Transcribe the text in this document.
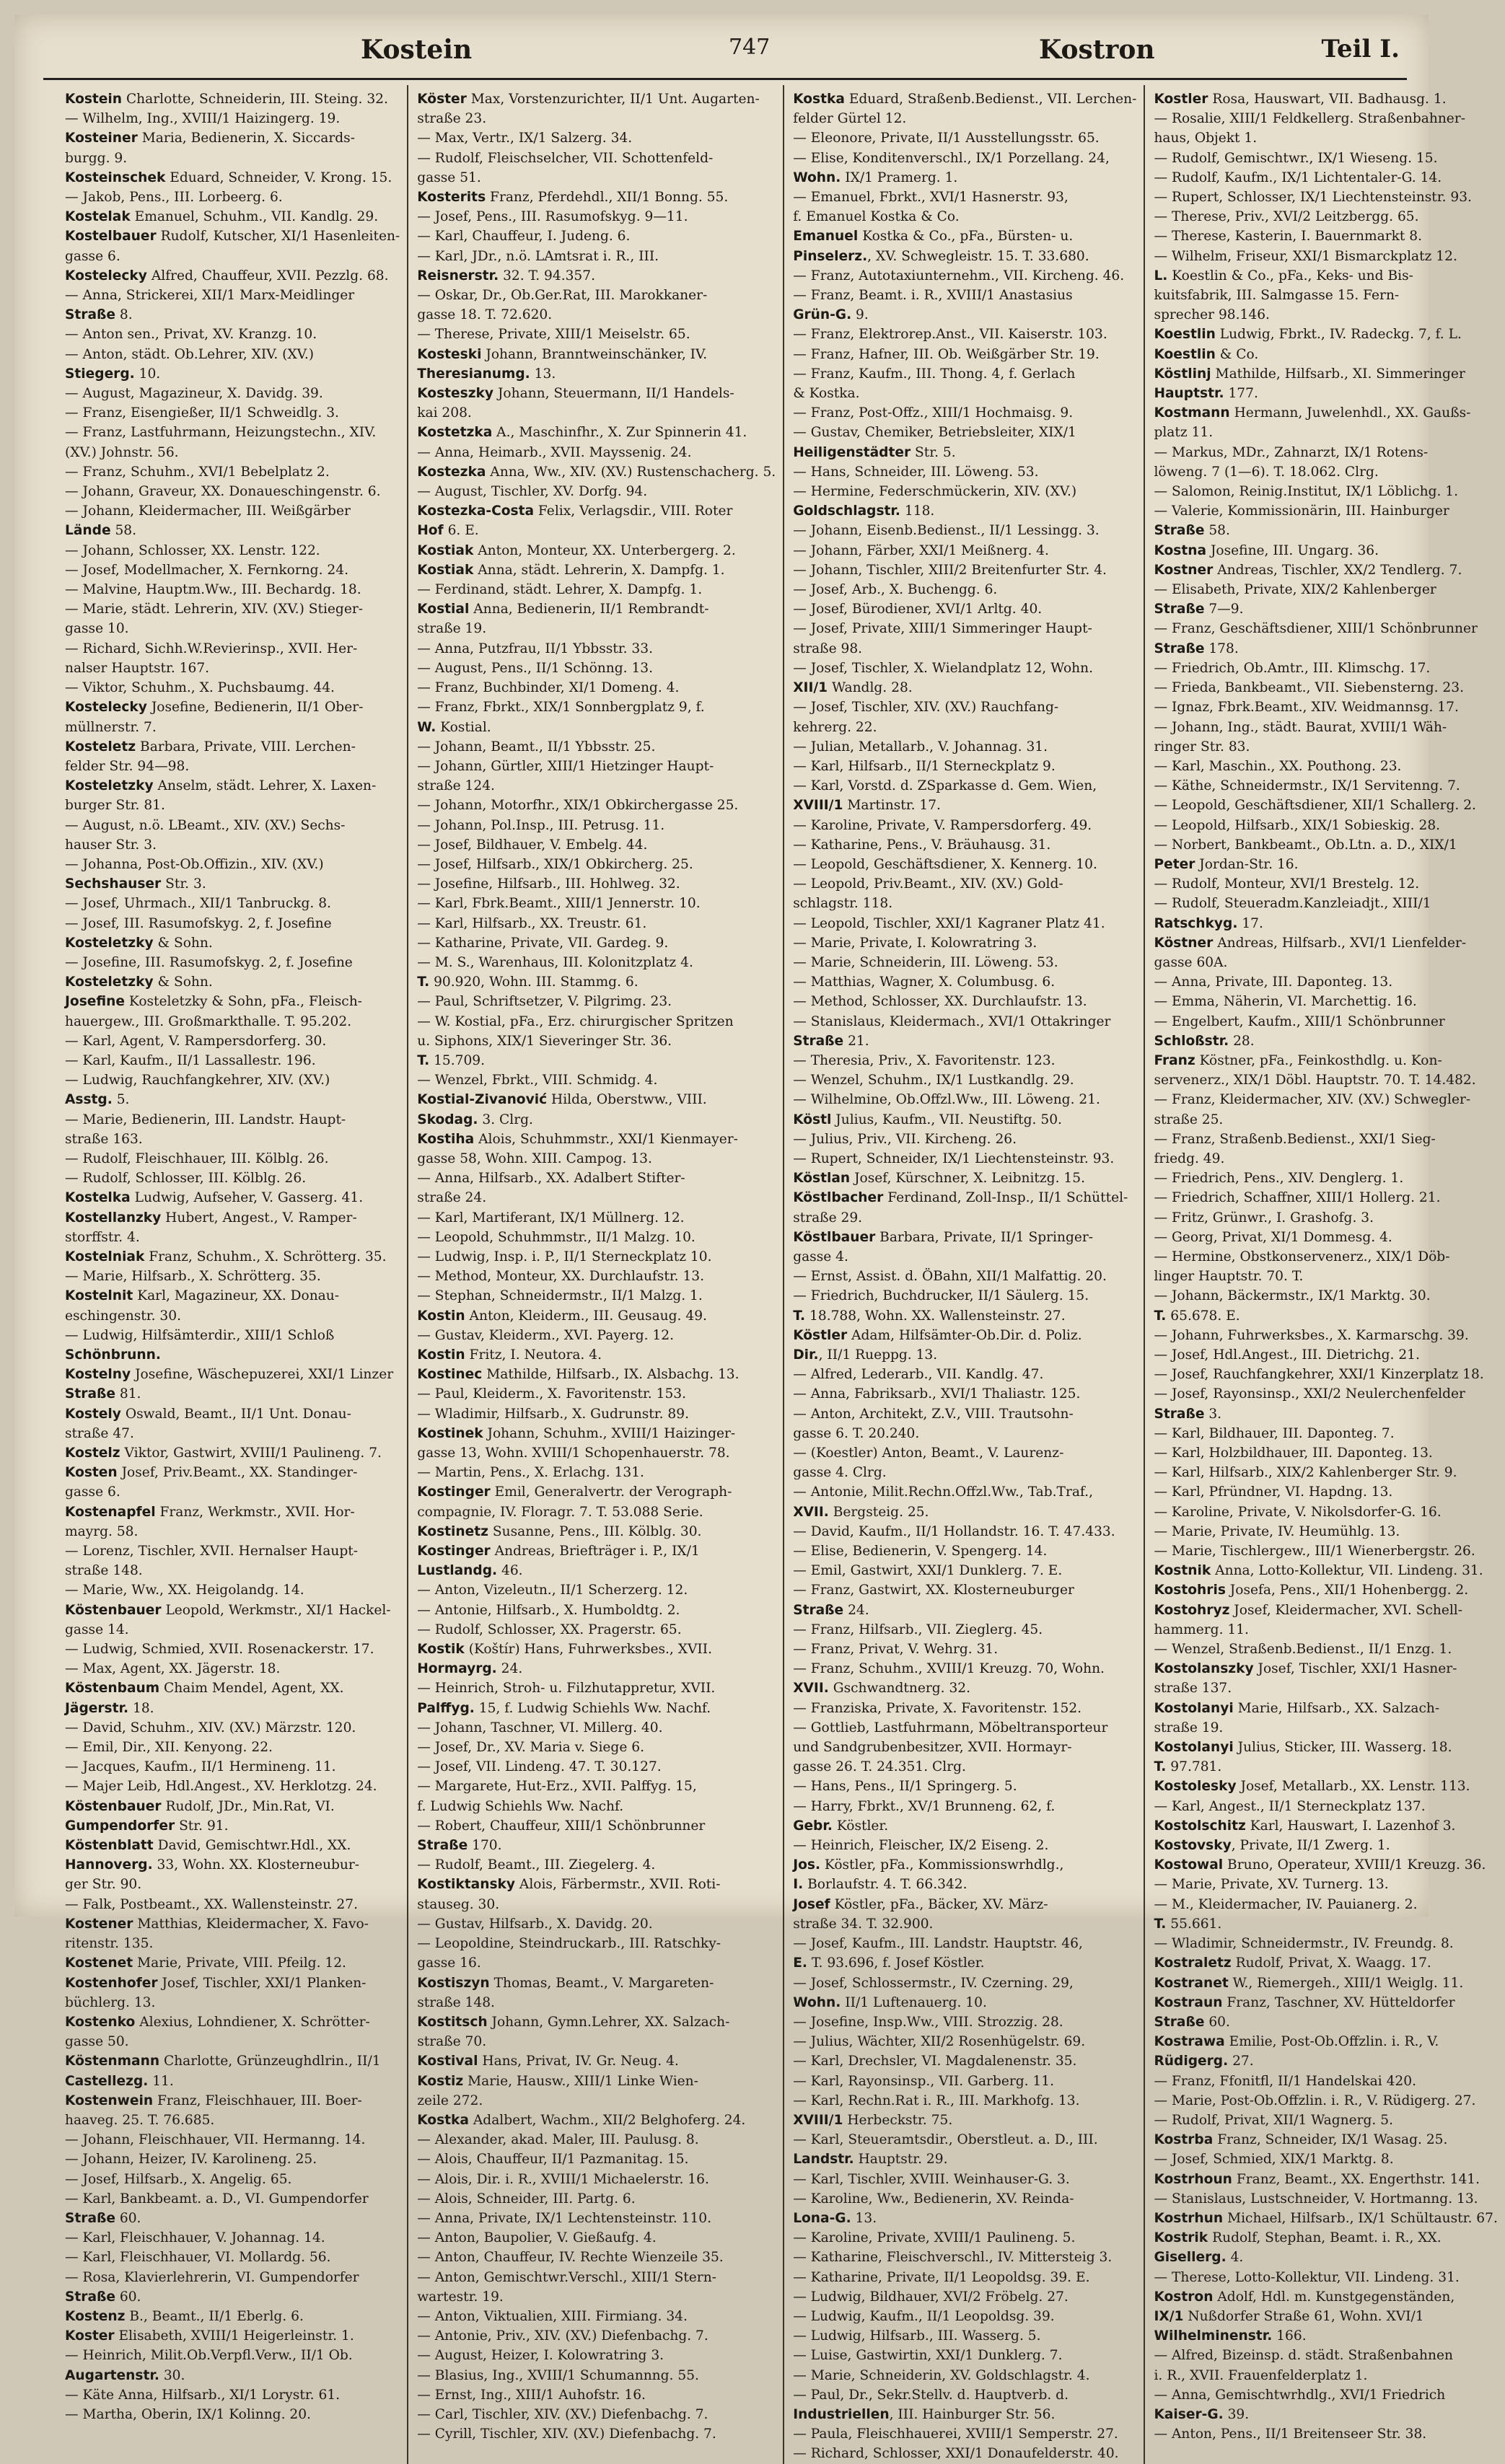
Kostein	747	Kostron	Teil I.
Kostein Charlotte, Schneiderin, III. Steing. 32.
— Wilhelm, Ing., XVIII/1 Haizingerg. 19.
Kosteiner Maria, Bedienerin, X. Siccards-
burgg. 9.
Kosteinschek Eduard, Schneider, V. Krong. 15.
— Jakob, Pens., III. Lorbeerg. 6.
Kostelak Emanuel, Schuhm., VII. Kandlg. 29.
Kostelbauer Rudolf, Kutscher, XI/1 Hasenleiten-
gasse 6.
Kostelecky Alfred, Chauffeur, XVII. Pezzlg. 68.
— Anna, Strickerei, XII/1 Marx-Meidlinger
Straße 8.
— Anton sen., Privat, XV. Kranzg. 10.
— Anton, städt. Ob.Lehrer, XIV. (XV.)
Stiegerg. 10.
— August, Magazineur, X. Davidg. 39.
— Franz, Eisengießer, II/1 Schweidlg. 3.
— Franz, Lastfuhrmann, Heizungstechn., XIV.
(XV.) Johnstr. 56.
— Franz, Schuhm., XVI/1 Bebelplatz 2.
— Johann, Graveur, XX. Donaueschingenstr. 6.
— Johann, Kleidermacher, III. Weißgärber
Lände 58.
— Johann, Schlosser, XX. Lenstr. 122.
— Josef, Modellmacher, X. Fernkorng. 24.
— Malvine, Hauptm.Ww., III. Bechardg. 18.
— Marie, städt. Lehrerin, XIV. (XV.) Stieger-
gasse 10.
— Richard, Sichh.W.Revierinsp., XVII. Her-
nalser Hauptstr. 167.
— Viktor, Schuhm., X. Puchsbaumg. 44.
Kostelecky Josefine, Bedienerin, II/1 Ober-
müllnerstr. 7.
Kosteletz Barbara, Private, VIII. Lerchen-
felder Str. 94—98.
Kosteletzky Anselm, städt. Lehrer, X. Laxen-
burger Str. 81.
— August, n.ö. LBeamt., XIV. (XV.) Sechs-
hauser Str. 3.
— Johanna, Post-Ob.Offizin., XIV. (XV.)
Sechshauser Str. 3.
— Josef, Uhrmach., XII/1 Tanbruckg. 8.
— Josef, III. Rasumofskyg. 2, f. Josefine
Kosteletzky & Sohn.
— Josefine, III. Rasumofskyg. 2, f. Josefine
Kosteletzky & Sohn.
Josefine Kosteletzky & Sohn, pFa., Fleisch-
hauergew., III. Großmarkthalle. T. 95.202.
— Karl, Agent, V. Rampersdorferg. 30.
— Karl, Kaufm., II/1 Lassallestr. 196.
— Ludwig, Rauchfangkehrer, XIV. (XV.)
Asstg. 5.
— Marie, Bedienerin, III. Landstr. Haupt-
straße 163.
— Rudolf, Fleischhauer, III. Kölblg. 26.
— Rudolf, Schlosser, III. Kölblg. 26.
Kostelka Ludwig, Aufseher, V. Gasserg. 41.
Kostellanzky Hubert, Angest., V. Ramper-
storffstr. 4.
Kostelniak Franz, Schuhm., X. Schrötterg. 35.
— Marie, Hilfsarb., X. Schrötterg. 35.
Kostelnit Karl, Magazineur, XX. Donau-
eschingenstr. 30.
— Ludwig, Hilfsämterdir., XIII/1 Schloß
Schönbrunn.
Kostelny Josefine, Wäschepuzerei, XXI/1 Linzer
Straße 81.
Kostely Oswald, Beamt., II/1 Unt. Donau-
straße 47.
Kostelz Viktor, Gastwirt, XVIII/1 Paulineng. 7.
Kosten Josef, Priv.Beamt., XX. Standinger-
gasse 6.
Kostenapfel Franz, Werkmstr., XVII. Hor-
mayrg. 58.
— Lorenz, Tischler, XVII. Hernalser Haupt-
straße 148.
— Marie, Ww., XX. Heigolandg. 14.
Köstenbauer Leopold, Werkmstr., XI/1 Hackel-
gasse 14.
— Ludwig, Schmied, XVII. Rosenackerstr. 17.
— Max, Agent, XX. Jägerstr. 18.
Köstenbaum Chaim Mendel, Agent, XX.
Jägerstr. 18.
— David, Schuhm., XIV. (XV.) Märzstr. 120.
— Emil, Dir., XII. Kenyong. 22.
— Jacques, Kaufm., II/1 Hermineng. 11.
— Majer Leib, Hdl.Angest., XV. Herklotzg. 24.
Köstenbauer Rudolf, JDr., Min.Rat, VI.
Gumpendorfer Str. 91.
Köstenblatt David, Gemischtwr.Hdl., XX.
Hannoverg. 33, Wohn. XX. Klosterneubur-
ger Str. 90.
— Falk, Postbeamt., XX. Wallensteinstr. 27.
Kostener Matthias, Kleidermacher, X. Favo-
ritenstr. 135.
Kostenet Marie, Private, VIII. Pfeilg. 12.
Kostenhofer Josef, Tischler, XXI/1 Planken-
büchlerg. 13.
Kostenko Alexius, Lohndiener, X. Schrötter-
gasse 50.
Köstenmann Charlotte, Grünzeughdlrin., II/1
Castellezg. 11.
Kostenwein Franz, Fleischhauer, III. Boer-
haaveg. 25. T. 76.685.
— Johann, Fleischhauer, VII. Hermanng. 14.
— Johann, Heizer, IV. Karolineng. 25.
— Josef, Hilfsarb., X. Angelig. 65.
— Karl, Bankbeamt. a. D., VI. Gumpendorfer
Straße 60.
— Karl, Fleischhauer, V. Johannag. 14.
— Karl, Fleischhauer, VI. Mollardg. 56.
— Rosa, Klavierlehrerin, VI. Gumpendorfer
Straße 60.
Kostenz B., Beamt., II/1 Eberlg. 6.
Koster Elisabeth, XVIII/1 Heigerleinstr. 1.
— Heinrich, Milit.Ob.Verpfl.Verw., II/1 Ob.
Augartenstr. 30.
— Käte Anna, Hilfsarb., XI/1 Lorystr. 61.
— Martha, Oberin, IX/1 Kolinng. 20.
Köster Max, Vorstenzurichter, II/1 Unt. Augarten-
straße 23.
— Max, Vertr., IX/1 Salzerg. 34.
— Rudolf, Fleischselcher, VII. Schottenfeld-
gasse 51.
Kosterits Franz, Pferdehdl., XII/1 Bonng. 55.
— Josef, Pens., III. Rasumofskyg. 9—11.
— Karl, Chauffeur, I. Judeng. 6.
— Karl, JDr., n.ö. LAmtsrat i. R., III.
Reisnerstr. 32. T. 94.357.
— Oskar, Dr., Ob.Ger.Rat, III. Marokkaner-
gasse 18. T. 72.620.
— Therese, Private, XIII/1 Meiselstr. 65.
Kosteski Johann, Branntweinschänker, IV.
Theresianumg. 13.
Kosteszky Johann, Steuermann, II/1 Handels-
kai 208.
Kostetzka A., Maschinfhr., X. Zur Spinnerin 41.
— Anna, Heimarb., XVII. Mayssenig. 24.
Kostezka Anna, Ww., XIV. (XV.) Rustenschacherg. 5.
— August, Tischler, XV. Dorfg. 94.
Kostezka-Costa Felix, Verlagsdir., VIII. Roter
Hof 6. E.
Kostiak Anton, Monteur, XX. Unterbergerg. 2.
Kostiak Anna, städt. Lehrerin, X. Dampfg. 1.
— Ferdinand, städt. Lehrer, X. Dampfg. 1.
Kostial Anna, Bedienerin, II/1 Rembrandt-
straße 19.
— Anna, Putzfrau, II/1 Ybbsstr. 33.
— August, Pens., II/1 Schönng. 13.
— Franz, Buchbinder, XI/1 Domeng. 4.
— Franz, Fbrkt., XIX/1 Sonnbergplatz 9, f.
W. Kostial.
— Johann, Beamt., II/1 Ybbsstr. 25.
— Johann, Gürtler, XIII/1 Hietzinger Haupt-
straße 124.
— Johann, Motorfhr., XIX/1 Obkirchergasse 25.
— Johann, Pol.Insp., III. Petrusg. 11.
— Josef, Bildhauer, V. Embelg. 44.
— Josef, Hilfsarb., XIX/1 Obkircherg. 25.
— Josefine, Hilfsarb., III. Hohlweg. 32.
— Karl, Fbrk.Beamt., XIII/1 Jennerstr. 10.
— Karl, Hilfsarb., XX. Treustr. 61.
— Katharine, Private, VII. Gardeg. 9.
— M. S., Warenhaus, III. Kolonitzplatz 4.
T. 90.920, Wohn. III. Stammg. 6.
— Paul, Schriftsetzer, V. Pilgrimg. 23.
— W. Kostial, pFa., Erz. chirurgischer Spritzen
u. Siphons, XIX/1 Sieveringer Str. 36.
T. 15.709.
— Wenzel, Fbrkt., VIII. Schmidg. 4.
Kostial-Zivanović Hilda, Oberstww., VIII.
Skodag. 3. Clrg.
Kostiha Alois, Schuhmmstr., XXI/1 Kienmayer-
gasse 58, Wohn. XIII. Campog. 13.
— Anna, Hilfsarb., XX. Adalbert Stifter-
straße 24.
— Karl, Martiferant, IX/1 Müllnerg. 12.
— Leopold, Schuhmmstr., II/1 Malzg. 10.
— Ludwig, Insp. i. P., II/1 Sterneckplatz 10.
— Method, Monteur, XX. Durchlaufstr. 13.
— Stephan, Schneidermstr., II/1 Malzg. 1.
Kostin Anton, Kleiderm., III. Geusaug. 49.
— Gustav, Kleiderm., XVI. Payerg. 12.
Kostin Fritz, I. Neutora. 4.
Kostinec Mathilde, Hilfsarb., IX. Alsbachg. 13.
— Paul, Kleiderm., X. Favoritenstr. 153.
— Wladimir, Hilfsarb., X. Gudrunstr. 89.
Kostinek Johann, Schuhm., XVIII/1 Haizinger-
gasse 13, Wohn. XVIII/1 Schopenhauerstr. 78.
— Martin, Pens., X. Erlachg. 131.
Kostinger Emil, Generalvertr. der Verograph-
compagnie, IV. Floragr. 7. T. 53.088 Serie.
Kostinetz Susanne, Pens., III. Kölblg. 30.
Kostinger Andreas, Briefträger i. P., IX/1
Lustlandg. 46.
— Anton, Vizeleutn., II/1 Scherzerg. 12.
— Antonie, Hilfsarb., X. Humboldtg. 2.
— Rudolf, Schlosser, XX. Pragerstr. 65.
Kostik (Koštír) Hans, Fuhrwerksbes., XVII.
Hormayrg. 24.
— Heinrich, Stroh- u. Filzhutappretur, XVII.
Palffyg. 15, f. Ludwig Schiehls Ww. Nachf.
— Johann, Taschner, VI. Millerg. 40.
— Josef, Dr., XV. Maria v. Siege 6.
— Josef, VII. Lindeng. 47. T. 30.127.
— Margarete, Hut-Erz., XVII. Palffyg. 15,
f. Ludwig Schiehls Ww. Nachf.
— Robert, Chauffeur, XIII/1 Schönbrunner
Straße 170.
— Rudolf, Beamt., III. Ziegelerg. 4.
Kostiktansky Alois, Färbermstr., XVII. Roti-
stauseg. 30.
— Gustav, Hilfsarb., X. Davidg. 20.
— Leopoldine, Steindruckarb., III. Ratschky-
gasse 16.
Kostiszyn Thomas, Beamt., V. Margareten-
straße 148.
Kostitsch Johann, Gymn.Lehrer, XX. Salzach-
straße 70.
Kostival Hans, Privat, IV. Gr. Neug. 4.
Kostiz Marie, Hausw., XIII/1 Linke Wien-
zeile 272.
Kostka Adalbert, Wachm., XII/2 Belghoferg. 24.
— Alexander, akad. Maler, III. Paulusg. 8.
— Alois, Chauffeur, II/1 Pazmanitag. 15.
— Alois, Dir. i. R., XVIII/1 Michaelerstr. 16.
— Alois, Schneider, III. Partg. 6.
— Anna, Private, IX/1 Lechtensteinstr. 110.
— Anton, Baupolier, V. Gießaufg. 4.
— Anton, Chauffeur, IV. Rechte Wienzeile 35.
— Anton, Gemischtwr.Verschl., XIII/1 Stern-
wartestr. 19.
— Anton, Viktualien, XIII. Firmiang. 34.
— Antonie, Priv., XIV. (XV.) Diefenbachg. 7.
— August, Heizer, I. Kolowratring 3.
— Blasius, Ing., XVIII/1 Schumannng. 55.
— Ernst, Ing., XIII/1 Auhofstr. 16.
— Carl, Tischler, XIV. (XV.) Diefenbachg. 7.
— Cyrill, Tischler, XIV. (XV.) Diefenbachg. 7.
Kostka Eduard, Straßenb.Bedienst., VII. Lerchen-
felder Gürtel 12.
— Eleonore, Private, II/1 Ausstellungsstr. 65.
— Elise, Konditenverschl., IX/1 Porzellang. 24,
Wohn. IX/1 Pramerg. 1.
— Emanuel, Fbrkt., XVI/1 Hasnerstr. 93,
f. Emanuel Kostka & Co.
Emanuel Kostka & Co., pFa., Bürsten- u.
Pinselerz., XV. Schwegleistr. 15. T. 33.680.
— Franz, Autotaxiunternehm., VII. Kircheng. 46.
— Franz, Beamt. i. R., XVIII/1 Anastasius
Grün-G. 9.
— Franz, Elektrorep.Anst., VII. Kaiserstr. 103.
— Franz, Hafner, III. Ob. Weißgärber Str. 19.
— Franz, Kaufm., III. Thong. 4, f. Gerlach
& Kostka.
— Franz, Post-Offz., XIII/1 Hochmaisg. 9.
— Gustav, Chemiker, Betriebsleiter, XIX/1
Heiligenstädter Str. 5.
— Hans, Schneider, III. Löweng. 53.
— Hermine, Federschmückerin, XIV. (XV.)
Goldschlagstr. 118.
— Johann, Eisenb.Bedienst., II/1 Lessingg. 3.
— Johann, Färber, XXI/1 Meißnerg. 4.
— Johann, Tischler, XIII/2 Breitenfurter Str. 4.
— Josef, Arb., X. Buchengg. 6.
— Josef, Bürodiener, XVI/1 Arltg. 40.
— Josef, Private, XIII/1 Simmeringer Haupt-
straße 98.
— Josef, Tischler, X. Wielandplatz 12, Wohn.
XII/1 Wandlg. 28.
— Josef, Tischler, XIV. (XV.) Rauchfang-
kehrerg. 22.
— Julian, Metallarb., V. Johannag. 31.
— Karl, Hilfsarb., II/1 Sterneckplatz 9.
— Karl, Vorstd. d. ZSparkasse d. Gem. Wien,
XVIII/1 Martinstr. 17.
— Karoline, Private, V. Rampersdorferg. 49.
— Katharine, Pens., V. Bräuhausg. 31.
— Leopold, Geschäftsdiener, X. Kennerg. 10.
— Leopold, Priv.Beamt., XIV. (XV.) Gold-
schlagstr. 118.
— Leopold, Tischler, XXI/1 Kagraner Platz 41.
— Marie, Private, I. Kolowratring 3.
— Marie, Schneiderin, III. Löweng. 53.
— Matthias, Wagner, X. Columbusg. 6.
— Method, Schlosser, XX. Durchlaufstr. 13.
— Stanislaus, Kleidermach., XVI/1 Ottakringer
Straße 21.
— Theresia, Priv., X. Favoritenstr. 123.
— Wenzel, Schuhm., IX/1 Lustkandlg. 29.
— Wilhelmine, Ob.Offzl.Ww., III. Löweng. 21.
Köstl Julius, Kaufm., VII. Neustiftg. 50.
— Julius, Priv., VII. Kircheng. 26.
— Rupert, Schneider, IX/1 Liechtensteinstr. 93.
Köstlan Josef, Kürschner, X. Leibnitzg. 15.
Köstlbacher Ferdinand, Zoll-Insp., II/1 Schüttel-
straße 29.
Köstlbauer Barbara, Private, II/1 Springer-
gasse 4.
— Ernst, Assist. d. ÖBahn, XII/1 Malfattig. 20.
— Friedrich, Buchdrucker, II/1 Säulerg. 15.
T. 18.788, Wohn. XX. Wallensteinstr. 27.
Köstler Adam, Hilfsämter-Ob.Dir. d. Poliz.
Dir., II/1 Rueppg. 13.
— Alfred, Lederarb., VII. Kandlg. 47.
— Anna, Fabriksarb., XVI/1 Thaliastr. 125.
— Anton, Architekt, Z.V., VIII. Trautsohn-
gasse 6. T. 20.240.
— (Koestler) Anton, Beamt., V. Laurenz-
gasse 4. Clrg.
— Antonie, Milit.Rechn.Offzl.Ww., Tab.Traf.,
XVII. Bergsteig. 25.
— David, Kaufm., II/1 Hollandstr. 16. T. 47.433.
— Elise, Bedienerin, V. Spengerg. 14.
— Emil, Gastwirt, XXI/1 Dunklerg. 7. E.
— Franz, Gastwirt, XX. Klosterneuburger
Straße 24.
— Franz, Hilfsarb., VII. Zieglerg. 45.
— Franz, Privat, V. Wehrg. 31.
— Franz, Schuhm., XVIII/1 Kreuzg. 70, Wohn.
XVII. Gschwandtnerg. 32.
— Franziska, Private, X. Favoritenstr. 152.
— Gottlieb, Lastfuhrmann, Möbeltransporteur
und Sandgrubenbesitzer, XVII. Hormayr-
gasse 26. T. 24.351. Clrg.
— Hans, Pens., II/1 Springerg. 5.
— Harry, Fbrkt., XV/1 Brunneng. 62, f.
Gebr. Köstler.
— Heinrich, Fleischer, IX/2 Eiseng. 2.
Jos. Köstler, pFa., Kommissionswrhdlg.,
I. Borlaufstr. 4. T. 66.342.
Josef Köstler, pFa., Bäcker, XV. März-
straße 34. T. 32.900.
— Josef, Kaufm., III. Landstr. Hauptstr. 46,
E. T. 93.696, f. Josef Köstler.
— Josef, Schlossermstr., IV. Czerning. 29,
Wohn. II/1 Luftenauerg. 10.
— Josefine, Insp.Ww., VIII. Strozzig. 28.
— Julius, Wächter, XII/2 Rosenhügelstr. 69.
— Karl, Drechsler, VI. Magdalenenstr. 35.
— Karl, Rayonsinsp., VII. Garberg. 11.
— Karl, Rechn.Rat i. R., III. Markhofg. 13.
XVIII/1 Herbeckstr. 75.
— Karl, Steueramtsdir., Oberstleut. a. D., III.
Landstr. Hauptstr. 29.
— Karl, Tischler, XVIII. Weinhauser-G. 3.
— Karoline, Ww., Bedienerin, XV. Reinda-
Lona-G. 13.
— Karoline, Private, XVIII/1 Paulineng. 5.
— Katharine, Fleischverschl., IV. Mittersteig 3.
— Katharine, Private, II/1 Leopoldsg. 39. E.
— Ludwig, Bildhauer, XVI/2 Fröbelg. 27.
— Ludwig, Kaufm., II/1 Leopoldsg. 39.
— Ludwig, Hilfsarb., III. Wasserg. 5.
— Luise, Gastwirtin, XXI/1 Dunklerg. 7.
— Marie, Schneiderin, XV. Goldschlagstr. 4.
— Paul, Dr., Sekr.Stellv. d. Hauptverb. d.
Industriellen, III. Hainburger Str. 56.
— Paula, Fleischhauerei, XVIII/1 Semperstr. 27.
— Richard, Schlosser, XXI/1 Donaufelderstr. 40.
Kostler Rosa, Hauswart, VII. Badhausg. 1.
— Rosalie, XIII/1 Feldkellerg. Straßenbahner-
haus, Objekt 1.
— Rudolf, Gemischtwr., IX/1 Wieseng. 15.
— Rudolf, Kaufm., IX/1 Lichtentaler-G. 14.
— Rupert, Schlosser, IX/1 Liechtensteinstr. 93.
— Therese, Priv., XVI/2 Leitzbergg. 65.
— Therese, Kasterin, I. Bauernmarkt 8.
— Wilhelm, Friseur, XXI/1 Bismarckplatz 12.
L. Koestlin & Co., pFa., Keks- und Bis-
kuitsfabrik, III. Salmgasse 15. Fern-
sprecher 98.146.
Koestlin Ludwig, Fbrkt., IV. Radeckg. 7, f. L.
Koestlin & Co.
Köstlinj Mathilde, Hilfsarb., XI. Simmeringer
Hauptstr. 177.
Kostmann Hermann, Juwelenhdl., XX. Gaußs-
platz 11.
— Markus, MDr., Zahnarzt, IX/1 Rotens-
löweng. 7 (1—6). T. 18.062. Clrg.
— Salomon, Reinig.Institut, IX/1 Löblichg. 1.
— Valerie, Kommissionärin, III. Hainburger
Straße 58.
Kostna Josefine, III. Ungarg. 36.
Kostner Andreas, Tischler, XX/2 Tendlerg. 7.
— Elisabeth, Private, XIX/2 Kahlenberger
Straße 7—9.
— Franz, Geschäftsdiener, XIII/1 Schönbrunner
Straße 178.
— Friedrich, Ob.Amtr., III. Klimschg. 17.
— Frieda, Bankbeamt., VII. Siebensterng. 23.
— Ignaz, Fbrk.Beamt., XIV. Weidmannsg. 17.
— Johann, Ing., städt. Baurat, XVIII/1 Wäh-
ringer Str. 83.
— Karl, Maschin., XX. Pouthong. 23.
— Käthe, Schneidermstr., IX/1 Servitenng. 7.
— Leopold, Geschäftsdiener, XII/1 Schallerg. 2.
— Leopold, Hilfsarb., XIX/1 Sobieskig. 28.
— Norbert, Bankbeamt., Ob.Ltn. a. D., XIX/1
Peter Jordan-Str. 16.
— Rudolf, Monteur, XVI/1 Brestelg. 12.
— Rudolf, Steueradm.Kanzleiadjt., XIII/1
Ratschkyg. 17.
Köstner Andreas, Hilfsarb., XVI/1 Lienfelder-
gasse 60A.
— Anna, Private, III. Dapontеg. 13.
— Emma, Näherin, VI. Marchettig. 16.
— Engelbert, Kaufm., XIII/1 Schönbrunner
Schloßstr. 28.
Franz Köstner, pFa., Feinkosthdlg. u. Kon-
servenerz., XIX/1 Döbl. Hauptstr. 70. T. 14.482.
— Franz, Kleidermacher, XIV. (XV.) Schwegler-
straße 25.
— Franz, Straßenb.Bedienst., XXI/1 Sieg-
friedg. 49.
— Friedrich, Pens., XIV. Denglerg. 1.
— Friedrich, Schaffner, XIII/1 Hollerg. 21.
— Fritz, Grünwr., I. Grashofg. 3.
— Georg, Privat, XI/1 Dommesg. 4.
— Hermine, Obstkonservenerz., XIX/1 Döb-
linger Hauptstr. 70. T.
— Johann, Bäckermstr., IX/1 Marktg. 30.
T. 65.678. E.
— Johann, Fuhrwerksbes., X. Karmarschg. 39.
— Josef, Hdl.Angest., III. Dietrichg. 21.
— Josef, Rauchfangkehrer, XXI/1 Kinzerplatz 18.
— Josef, Rayonsinsp., XXI/2 Neulerchenfelder
Straße 3.
— Karl, Bildhauer, III. Dapontеg. 7.
— Karl, Holzbildhauer, III. Dapontеg. 13.
— Karl, Hilfsarb., XIX/2 Kahlenberger Str. 9.
— Karl, Pfründner, VI. Hapdng. 13.
— Karoline, Private, V. Nikolsdorfer-G. 16.
— Marie, Private, IV. Heumühlg. 13.
— Marie, Tischlergew., III/1 Wienerbergstr. 26.
Kostnik Anna, Lotto-Kollektur, VII. Lindeng. 31.
Kostohris Josefa, Pens., XII/1 Hohenbergg. 2.
Kostohryz Josef, Kleidermacher, XVI. Schell-
hammerg. 11.
— Wenzel, Straßenb.Bedienst., II/1 Enzg. 1.
Kostolanszky Josef, Tischler, XXI/1 Hasner-
straße 137.
Kostolanyi Marie, Hilfsarb., XX. Salzach-
straße 19.
Kostolanyi Julius, Sticker, III. Wasserg. 18.
T. 97.781.
Kostolesky Josef, Metallarb., XX. Lenstr. 113.
— Karl, Angest., II/1 Sterneckplatz 137.
Kostolschitz Karl, Hauswart, I. Lazenhof 3.
Kostovsky, Private, II/1 Zwerg. 1.
Kostowal Bruno, Operateur, XVIII/1 Kreuzg. 36.
— Marie, Private, XV. Turnerg. 13.
— M., Kleidermacher, IV. Pauianerg. 2.
T. 55.661.
— Wladimir, Schneidermstr., IV. Freundg. 8.
Kostraletz Rudolf, Privat, X. Waagg. 17.
Kostranet W., Riemergeh., XIII/1 Weiglg. 11.
Kostraun Franz, Taschner, XV. Hütteldorfer
Straße 60.
Kostrawa Emilie, Post-Ob.Offzlin. i. R., V.
Rüdigerg. 27.
— Franz, Ffonitfl, II/1 Handelskai 420.
— Marie, Post-Ob.Offzlin. i. R., V. Rüdigerg. 27.
— Rudolf, Privat, XII/1 Wagnerg. 5.
Kostrba Franz, Schneider, IX/1 Wasag. 25.
— Josef, Schmied, XIX/1 Marktg. 8.
Kostrhoun Franz, Beamt., XX. Engerthstr. 141.
— Stanislaus, Lustschneider, V. Hortmanng. 13.
Kostrhun Michael, Hilfsarb., IX/1 Schültaustr. 67.
Kostrik Rudolf, Stephan, Beamt. i. R., XX.
Gisellerg. 4.
— Therese, Lotto-Kollektur, VII. Lindeng. 31.
Kostron Adolf, Hdl. m. Kunstgegenständen,
IX/1 Nußdorfer Straße 61, Wohn. XVI/1
Wilhelminenstr. 166.
— Alfred, Bizeinsp. d. städt. Straßenbahnen
i. R., XVII. Frauenfelderplatz 1.
— Anna, Gemischtwrhdlg., XVI/1 Friedrich
Kaiser-G. 39.
— Anton, Pens., II/1 Breitenseer Str. 38.
